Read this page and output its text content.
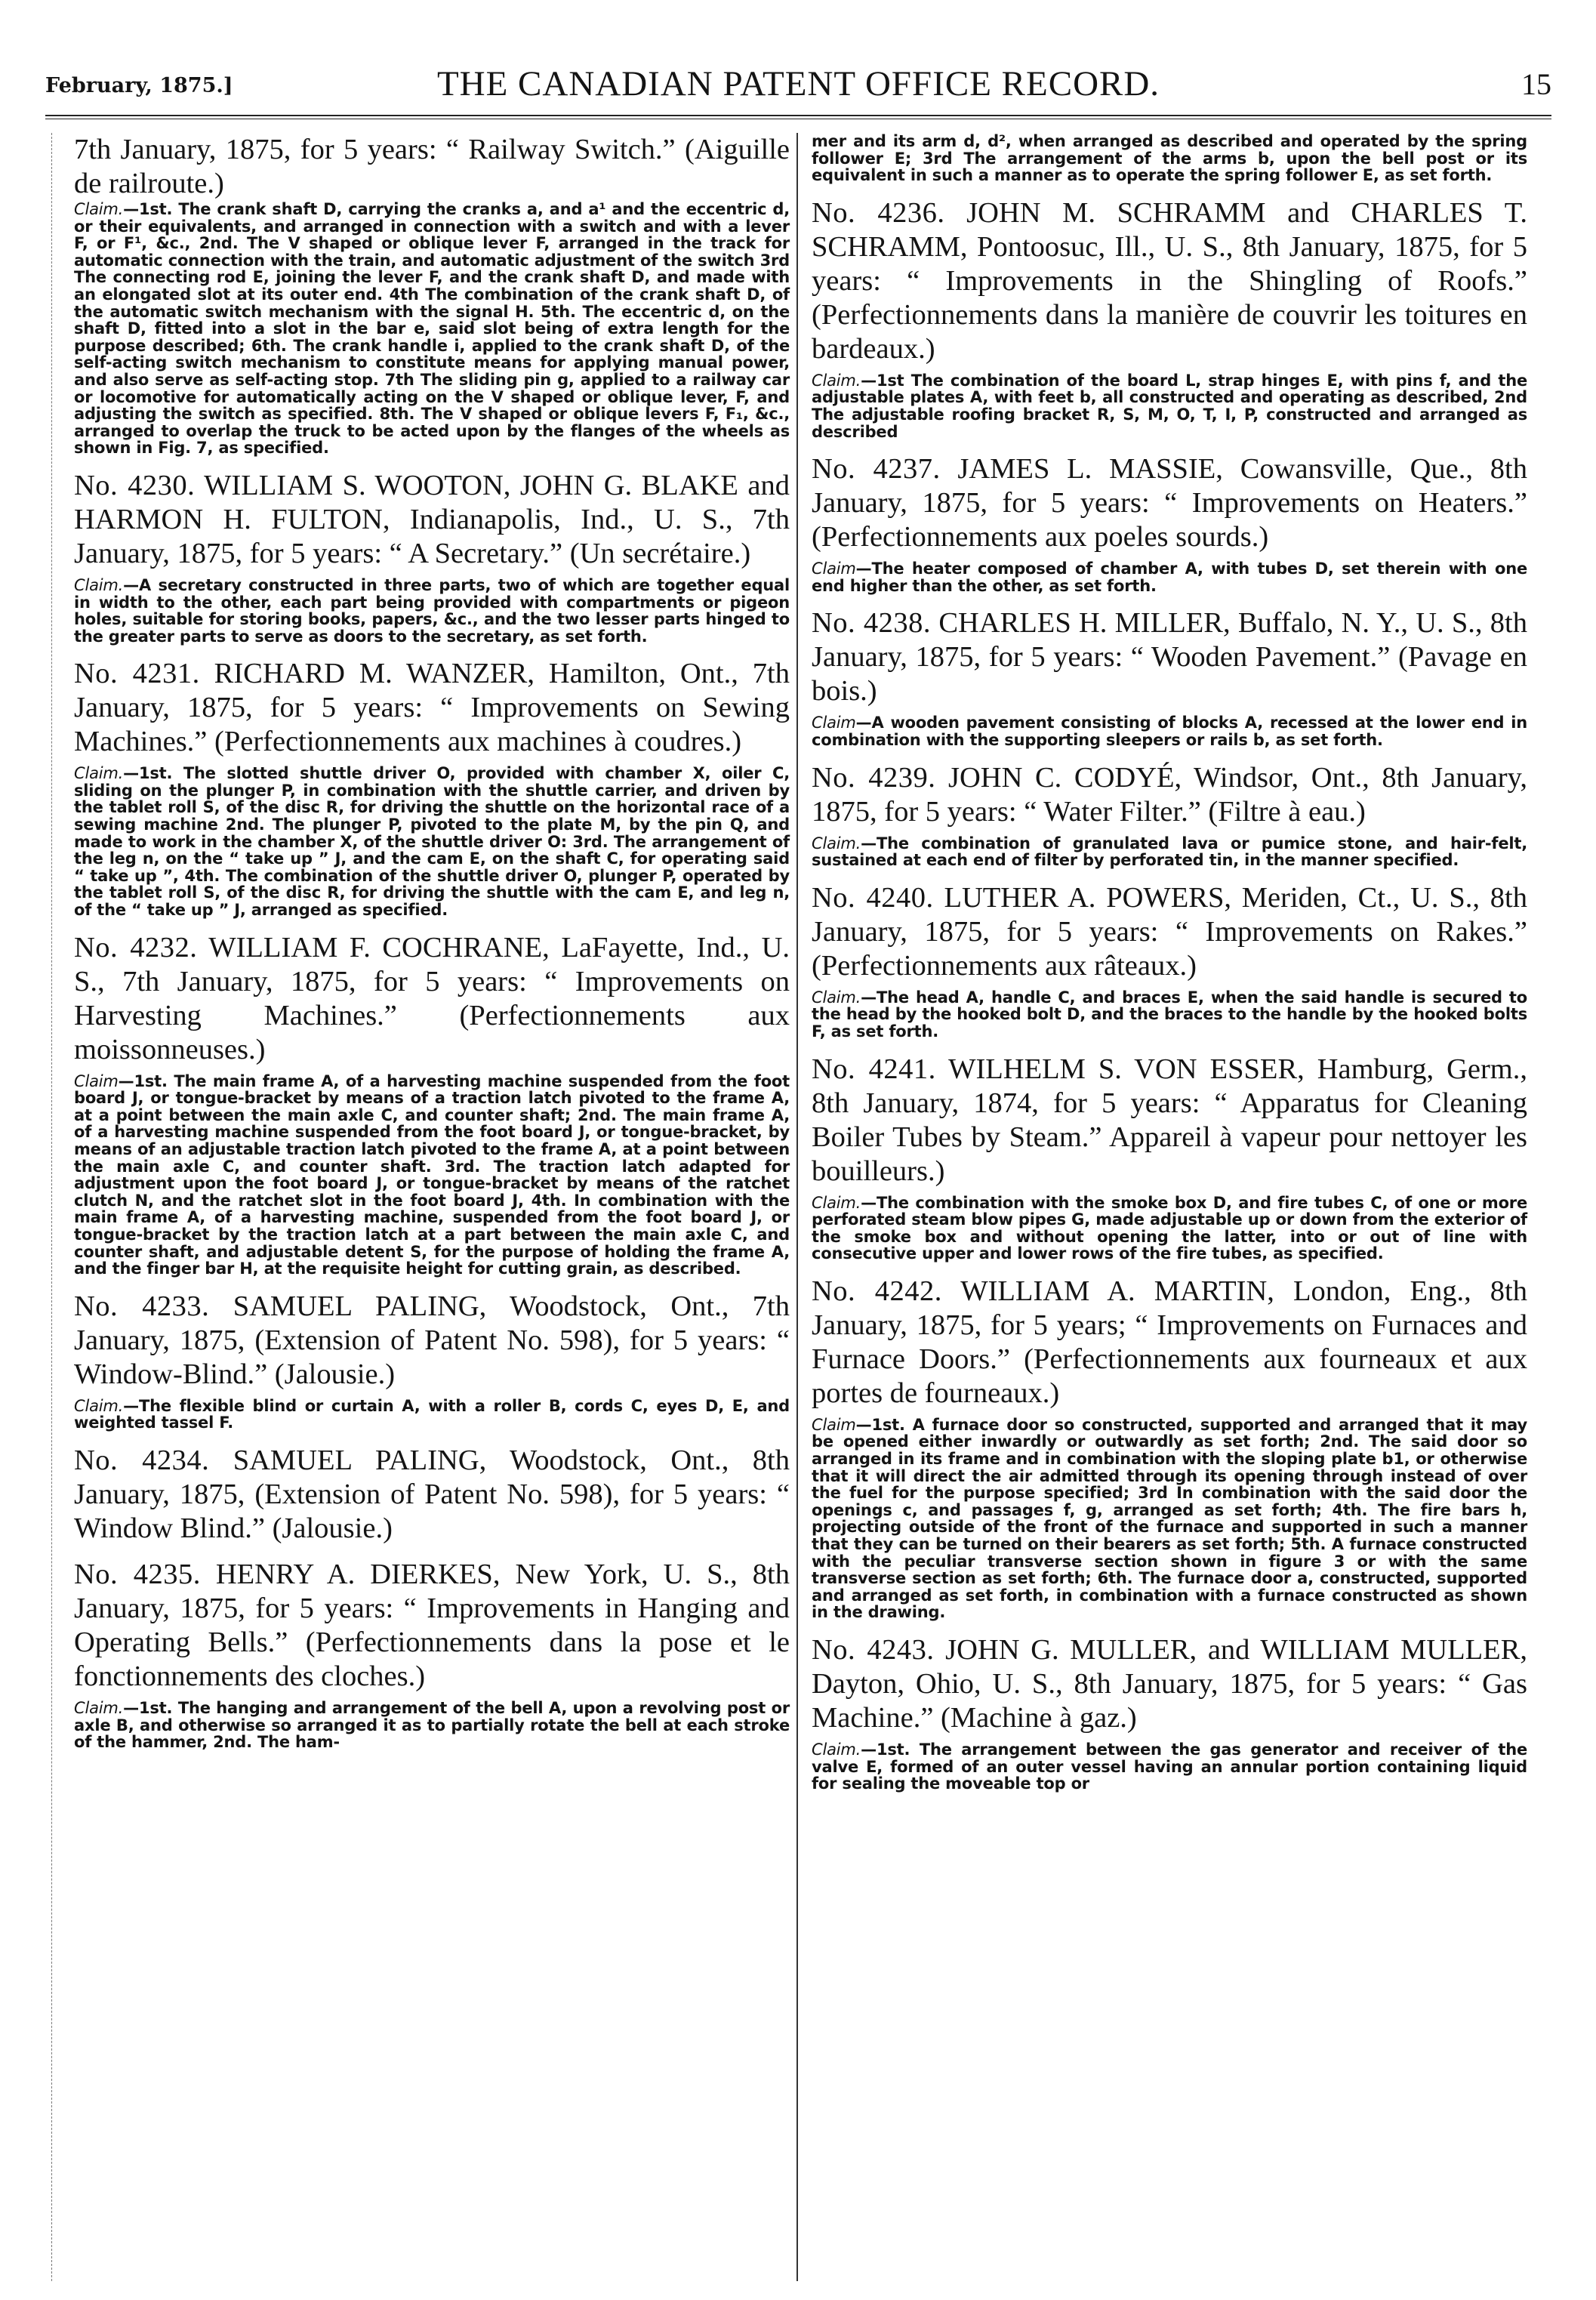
February, 1875.]	THE CANADIAN PATENT OFFICE RECORD.	15

7th January, 1875, for 5 years: “ Railway Switch.” (Aiguille de railroute.)

Claim.—1st. The crank shaft D, carrying the cranks a, and a¹ and the eccentric d, or their equivalents, and arranged in connection with a switch and with a lever F, or F¹, &c., 2nd. The V shaped or oblique lever F, arranged in the track for automatic connection with the train, and automatic adjustment of the switch 3rd The connecting rod E, joining the lever F, and the crank shaft D, and made with an elongated slot at its outer end. 4th The combination of the crank shaft D, of the automatic switch mechanism with the signal H. 5th. The eccentric d, on the shaft D, fitted into a slot in the bar e, said slot being of extra length for the purpose described; 6th. The crank handle i, applied to the crank shaft D, of the self-acting switch mechanism to constitute means for applying manual power, and also serve as self-acting stop. 7th The sliding pin g, applied to a railway car or locomotive for automatically acting on the V shaped or oblique lever, F, and adjusting the switch as specified. 8th. The V shaped or oblique levers F, F₁, &c., arranged to overlap the truck to be acted upon by the flanges of the wheels as shown in Fig. 7, as specified.

No. 4230. WILLIAM S. WOOTON, JOHN G. BLAKE and HARMON H. FULTON, Indianapolis, Ind., U. S., 7th January, 1875, for 5 years: “ A Secretary.” (Un secrétaire.)

Claim.—A secretary constructed in three parts, two of which are together equal in width to the other, each part being provided with compartments or pigeon holes, suitable for storing books, papers, &c., and the two lesser parts hinged to the greater parts to serve as doors to the secretary, as set forth.

No. 4231. RICHARD M. WANZER, Hamilton, Ont., 7th January, 1875, for 5 years: “ Improvements on Sewing Machines.” (Perfectionnements aux machines à coudres.)

Claim.—1st. The slotted shuttle driver O, provided with chamber X, oiler C, sliding on the plunger P, in combination with the shuttle carrier, and driven by the tablet roll S, of the disc R, for driving the shuttle on the horizontal race of a sewing machine 2nd. The plunger P, pivoted to the plate M, by the pin Q, and made to work in the chamber X, of the shuttle driver O: 3rd. The arrangement of the leg n, on the “ take up ” J, and the cam E, on the shaft C, for operating said “ take up ”, 4th. The combination of the shuttle driver O, plunger P, operated by the tablet roll S, of the disc R, for driving the shuttle with the cam E, and leg n, of the “ take up ” J, arranged as specified.

No. 4232. WILLIAM F. COCHRANE, LaFayette, Ind., U. S., 7th January, 1875, for 5 years: “ Improvements on Harvesting Machines.” (Perfectionnements aux moissonneuses.)

Claim—1st. The main frame A, of a harvesting machine suspended from the foot board J, or tongue-bracket by means of a traction latch pivoted to the frame A, at a point between the main axle C, and counter shaft; 2nd. The main frame A, of a harvesting machine suspended from the foot board J, or tongue-bracket, by means of an adjustable traction latch pivoted to the frame A, at a point between the main axle C, and counter shaft. 3rd. The traction latch adapted for adjustment upon the foot board J, or tongue-bracket by means of the ratchet clutch N, and the ratchet slot in the foot board J, 4th. In combination with the main frame A, of a harvesting machine, suspended from the foot board J, or tongue-bracket by the traction latch at a part between the main axle C, and counter shaft, and adjustable detent S, for the purpose of holding the frame A, and the finger bar H, at the requisite height for cutting grain, as described.

No. 4233. SAMUEL PALING, Woodstock, Ont., 7th January, 1875, (Extension of Patent No. 598), for 5 years: “ Window-Blind.” (Jalousie.)

Claim.—The flexible blind or curtain A, with a roller B, cords C, eyes D, E, and weighted tassel F.

No. 4234. SAMUEL PALING, Woodstock, Ont., 8th January, 1875, (Extension of Patent No. 598), for 5 years: “ Window Blind.” (Jalousie.)

No. 4235. HENRY A. DIERKES, New York, U. S., 8th January, 1875, for 5 years: “ Improvements in Hanging and Operating Bells.” (Perfectionnements dans la pose et le fonctionnements des cloches.)

Claim.—1st. The hanging and arrangement of the bell A, upon a revolving post or axle B, and otherwise so arranged it as to partially rotate the bell at each stroke of the hammer, 2nd. The ham-

mer and its arm d, d², when arranged as described and operated by the spring follower E; 3rd The arrangement of the arms b, upon the bell post or its equivalent in such a manner as to operate the spring follower E, as set forth.

No. 4236. JOHN M. SCHRAMM and CHARLES T. SCHRAMM, Pontoosuc, Ill., U. S., 8th January, 1875, for 5 years: “ Improvements in the Shingling of Roofs.” (Perfectionnements dans la manière de couvrir les toitures en bardeaux.)

Claim.—1st The combination of the board L, strap hinges E, with pins f, and the adjustable plates A, with feet b, all constructed and operating as described, 2nd The adjustable roofing bracket R, S, M, O, T, I, P, constructed and arranged as described

No. 4237. JAMES L. MASSIE, Cowansville, Que., 8th January, 1875, for 5 years: “ Improvements on Heaters.” (Perfectionnements aux poeles sourds.)

Claim—The heater composed of chamber A, with tubes D, set therein with one end higher than the other, as set forth.

No. 4238. CHARLES H. MILLER, Buffalo, N. Y., U. S., 8th January, 1875, for 5 years: “ Wooden Pavement.” (Pavage en bois.)

Claim—A wooden pavement consisting of blocks A, recessed at the lower end in combination with the supporting sleepers or rails b, as set forth.

No. 4239. JOHN C. CODYÉ, Windsor, Ont., 8th January, 1875, for 5 years: “ Water Filter.” (Filtre à eau.)

Claim.—The combination of granulated lava or pumice stone, and hair-felt, sustained at each end of filter by perforated tin, in the manner specified.

No. 4240. LUTHER A. POWERS, Meriden, Ct., U. S., 8th January, 1875, for 5 years: “ Improvements on Rakes.” (Perfectionnements aux râteaux.)

Claim.—The head A, handle C, and braces E, when the said handle is secured to the head by the hooked bolt D, and the braces to the handle by the hooked bolts F, as set forth.

No. 4241. WILHELM S. VON ESSER, Hamburg, Germ., 8th January, 1874, for 5 years: “ Apparatus for Cleaning Boiler Tubes by Steam.” Appareil à vapeur pour nettoyer les bouilleurs.)

Claim.—The combination with the smoke box D, and fire tubes C, of one or more perforated steam blow pipes G, made adjustable up or down from the exterior of the smoke box and without opening the latter, into or out of line with consecutive upper and lower rows of the fire tubes, as specified.

No. 4242. WILLIAM A. MARTIN, London, Eng., 8th January, 1875, for 5 years; “ Improvements on Furnaces and Furnace Doors.” (Perfectionnements aux fourneaux et aux portes de fourneaux.)

Claim—1st. A furnace door so constructed, supported and arranged that it may be opened either inwardly or outwardly as set forth; 2nd. The said door so arranged in its frame and in combination with the sloping plate b1, or otherwise that it will direct the air admitted through its opening through instead of over the fuel for the purpose specified; 3rd In combination with the said door the openings c, and passages f, g, arranged as set forth; 4th. The fire bars h, projecting outside of the front of the furnace and supported in such a manner that they can be turned on their bearers as set forth; 5th. A furnace constructed with the peculiar transverse section shown in figure 3 or with the same transverse section as set forth; 6th. The furnace door a, constructed, supported and arranged as set forth, in combination with a furnace constructed as shown in the drawing.

No. 4243. JOHN G. MULLER, and WILLIAM MULLER, Dayton, Ohio, U. S., 8th January, 1875, for 5 years: “ Gas Machine.” (Machine à gaz.)

Claim.—1st. The arrangement between the gas generator and receiver of the valve E, formed of an outer vessel having an annular portion containing liquid for sealing the moveable top or
